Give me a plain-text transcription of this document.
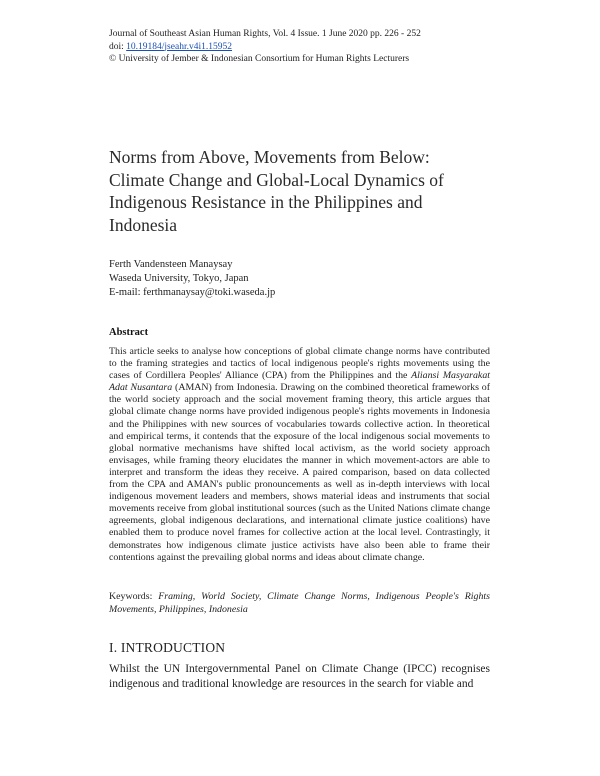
Journal of Southeast Asian Human Rights, Vol. 4 Issue. 1 June 2020 pp. 226 - 252
doi: 10.19184/jseahr.v4i1.15952
© University of Jember & Indonesian Consortium for Human Rights Lecturers
Norms from Above, Movements from Below:
Climate Change and Global-Local Dynamics of
Indigenous Resistance in the Philippines and
Indonesia
Ferth Vandensteen Manaysay
Waseda University, Tokyo, Japan
E-mail: ferthmanaysay@toki.waseda.jp
Abstract
This article seeks to analyse how conceptions of global climate change norms have contributed to the framing strategies and tactics of local indigenous people's rights movements using the cases of Cordillera Peoples' Alliance (CPA) from the Philippines and the Aliansi Masyarakat Adat Nusantara (AMAN) from Indonesia. Drawing on the combined theoretical frameworks of the world society approach and the social movement framing theory, this article argues that global climate change norms have provided indigenous people's rights movements in Indonesia and the Philippines with new sources of vocabularies towards collective action. In theoretical and empirical terms, it contends that the exposure of the local indigenous social movements to global normative mechanisms have shifted local activism, as the world society approach envisages, while framing theory elucidates the manner in which movement-actors are able to interpret and transform the ideas they receive. A paired comparison, based on data collected from the CPA and AMAN's public pronouncements as well as in-depth interviews with local indigenous movement leaders and members, shows material ideas and instruments that social movements receive from global institutional sources (such as the United Nations climate change agreements, global indigenous declarations, and international climate justice coalitions) have enabled them to produce novel frames for collective action at the local level. Contrastingly, it demonstrates how indigenous climate justice activists have also been able to frame their contentions against the prevailing global norms and ideas about climate change.
Keywords: Framing, World Society, Climate Change Norms, Indigenous People's Rights Movements, Philippines, Indonesia
I. INTRODUCTION
Whilst the UN Intergovernmental Panel on Climate Change (IPCC) recognises indigenous and traditional knowledge are resources in the search for viable and
